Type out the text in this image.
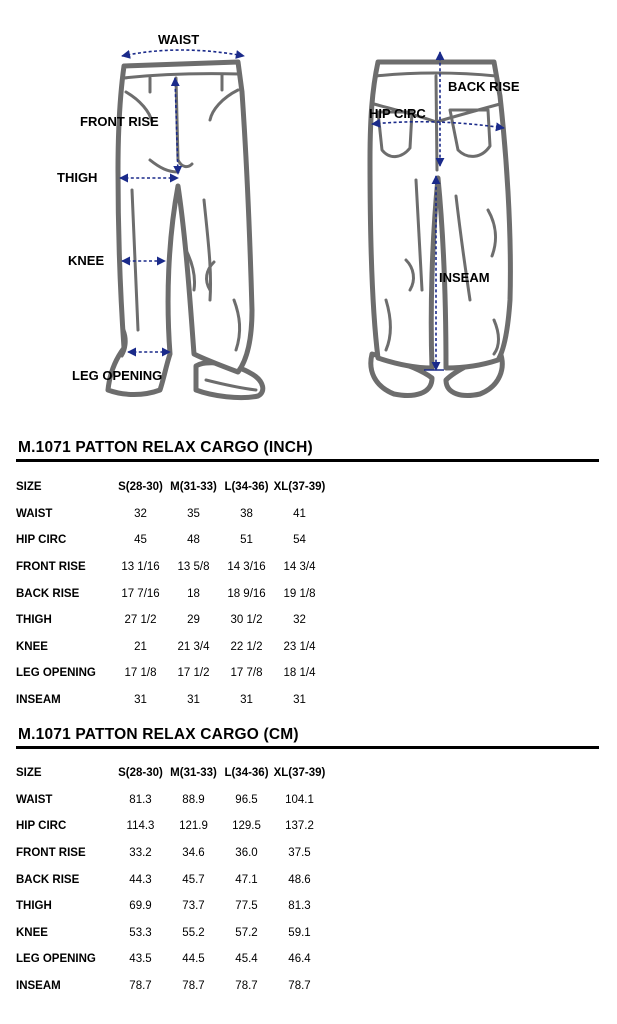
WAIST
FRONT RISE
THIGH
KNEE
LEG OPENING
BACK RISE
HIP CIRC
INSEAM
M.1071 PATTON RELAX CARGO (INCH)
SIZE	S(28-30)	M(31-33)	L(34-36)	XL(37-39)
WAIST	32	35	38	41
HIP CIRC	45	48	51	54
FRONT RISE	13 1/16	13 5/8	14 3/16	14 3/4
BACK RISE	17 7/16	18	18 9/16	19 1/8
THIGH	27 1/2	29	30 1/2	32
KNEE	21	21 3/4	22 1/2	23 1/4
LEG OPENING	17 1/8	17 1/2	17 7/8	18 1/4
INSEAM	31	31	31	31
M.1071 PATTON RELAX CARGO (CM)
SIZE	S(28-30)	M(31-33)	L(34-36)	XL(37-39)
WAIST	81.3	88.9	96.5	104.1
HIP CIRC	114.3	121.9	129.5	137.2
FRONT RISE	33.2	34.6	36.0	37.5
BACK RISE	44.3	45.7	47.1	48.6
THIGH	69.9	73.7	77.5	81.3
KNEE	53.3	55.2	57.2	59.1
LEG OPENING	43.5	44.5	45.4	46.4
INSEAM	78.7	78.7	78.7	78.7
